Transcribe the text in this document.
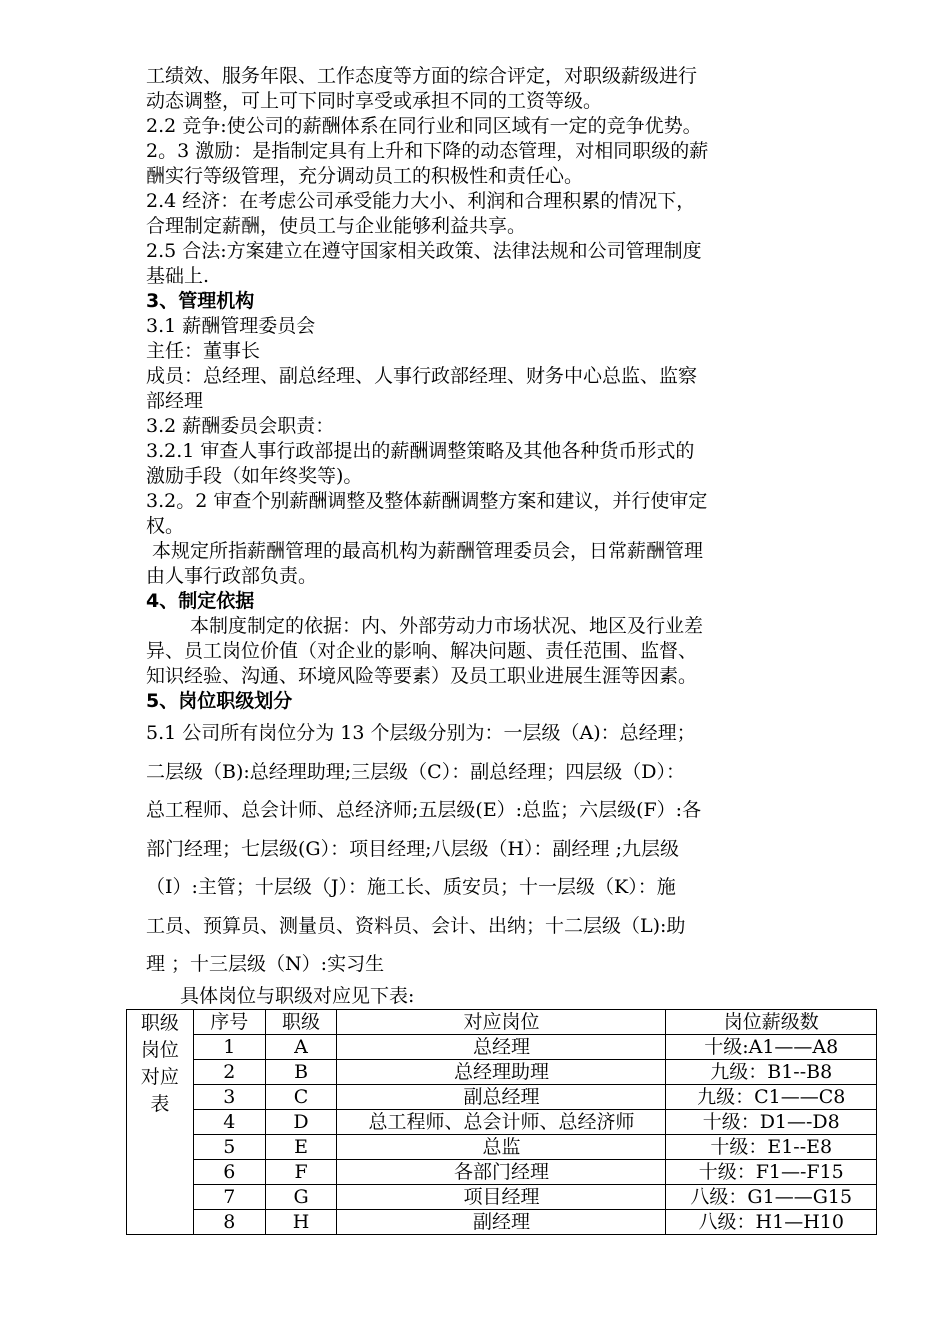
工绩效、服务年限、工作态度等方面的综合评定，对职级薪级进行
动态调整，可上可下同时享受或承担不同的工资等级。
2.2 竞争:使公司的薪酬体系在同行业和同区域有一定的竞争优势。
2。3 激励：是指制定具有上升和下降的动态管理，对相同职级的薪
酬实行等级管理，充分调动员工的积极性和责任心。
2.4 经济：在考虑公司承受能力大小、利润和合理积累的情况下，
合理制定薪酬，使员工与企业能够利益共享。
2.5 合法:方案建立在遵守国家相关政策、法律法规和公司管理制度
基础上.
3、管理机构
3.1 薪酬管理委员会
主任：董事长
成员：总经理、副总经理、人事行政部经理、财务中心总监、监察
部经理
3.2 薪酬委员会职责：
3.2.1 审查人事行政部提出的薪酬调整策略及其他各种货币形式的
激励手段（如年终奖等)。
3.2。2 审查个别薪酬调整及整体薪酬调整方案和建议，并行使审定
权。
本规定所指薪酬管理的最高机构为薪酬管理委员会，日常薪酬管理
由人事行政部负责。
4、制定依据
本制度制定的依据：内、外部劳动力市场状况、地区及行业差
异、员工岗位价值（对企业的影响、解决问题、责任范围、监督、
知识经验、沟通、环境风险等要素）及员工职业进展生涯等因素。
5、岗位职级划分
5.1 公司所有岗位分为 13 个层级分别为：一层级（A)：总经理；
二层级（B):总经理助理;三层级（C）：副总经理；四层级（D）：
总工程师、总会计师、总经济师;五层级(E）:总监；六层级(F）:各
部门经理；七层级(G）：项目经理;八层级（H）：副经理 ;九层级
（I）:主管；十层级（J）：施工长、质安员；十一层级（K）：施
工员、预算员、测量员、资料员、会计、出纳；十二层级（L):助
理 ；十三层级（N）:实习生
具体岗位与职级对应见下表:
职级
岗位
对应
表	序号	职级	对应岗位	岗位薪级数
	1	A	总经理	十级:A1——A8
	2	B	总经理助理	九级：B1--B8
	3	C	副总经理	九级：C1——C8
	4	D	总工程师、总会计师、总经济师	十级：D1—-D8
	5	E	总监	十级：E1--E8
	6	F	各部门经理	十级：F1—-F15
	7	G	项目经理	八级：G1——G15
	8	H	副经理	八级：H1—H10
